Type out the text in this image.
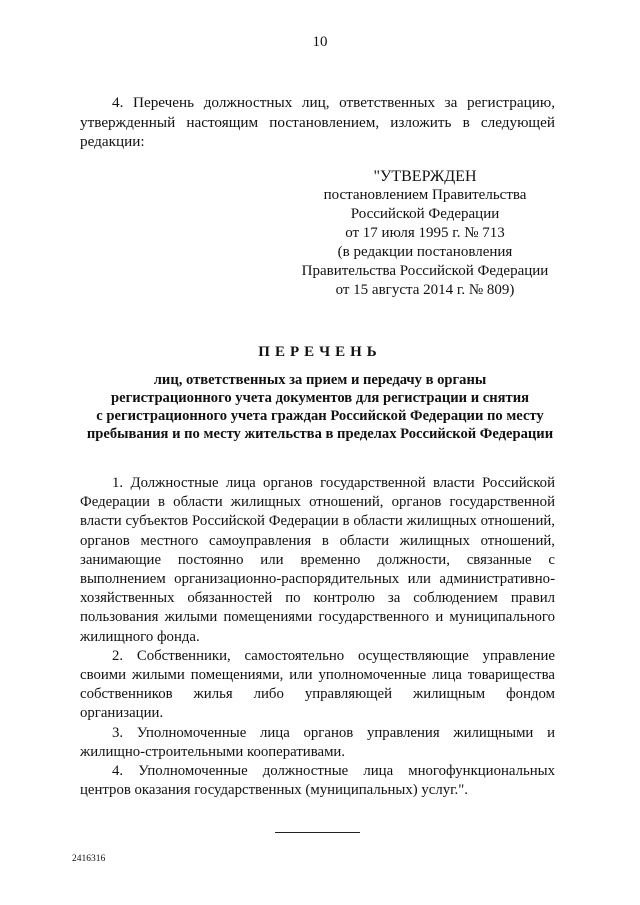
10

4. Перечень должностных лиц, ответственных за регистрацию, утвержденный настоящим постановлением, изложить в следующей редакции:

"УТВЕРЖДЕН
постановлением Правительства
Российской Федерации
от 17 июля 1995 г. № 713
(в редакции постановления
Правительства Российской Федерации
от 15 августа 2014 г. № 809)
ПЕРЕЧЕНЬ
лиц, ответственных за прием и передачу в органы
регистрационного учета документов для регистрации и снятия
с регистрационного учета граждан Российской Федерации по месту
пребывания и по месту жительства в пределах Российской Федерации

1. Должностные лица органов государственной власти Российской Федерации в области жилищных отношений, органов государственной власти субъектов Российской Федерации в области жилищных отношений, органов местного самоуправления в области жилищных отношений, занимающие постоянно или временно должности, связанные с выполнением организационно-распорядительных или административно-хозяйственных обязанностей по контролю за соблюдением правил пользования жилыми помещениями государственного и муниципального жилищного фонда.

2. Собственники, самостоятельно осуществляющие управление своими жилыми помещениями, или уполномоченные лица товарищества собственников жилья либо управляющей жилищным фондом организации.

3. Уполномоченные лица органов управления жилищными и жилищно-строительными кооперативами.

4. Уполномоченные должностные лица многофункциональных центров оказания государственных (муниципальных) услуг.".

2416316
